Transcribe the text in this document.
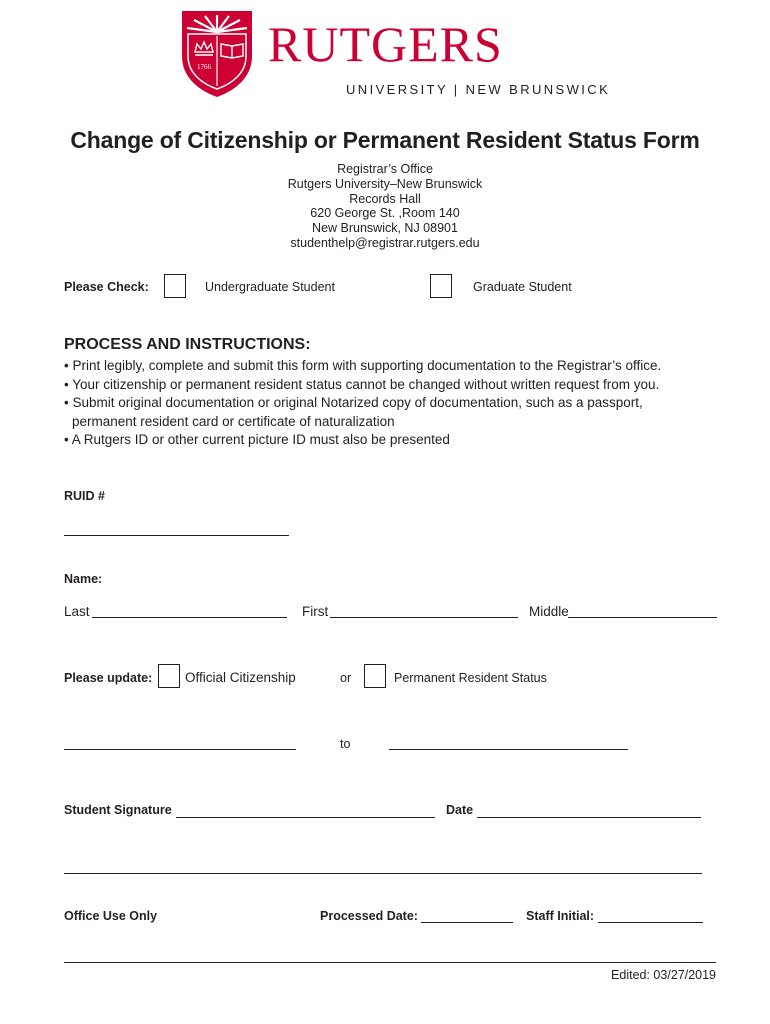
1766 RUTGERS
UNIVERSITY | NEW BRUNSWICK
Change of Citizenship or Permanent Resident Status Form
Registrar’s Office
Rutgers University–New Brunswick
Records Hall
620 George St. ,Room 140
New Brunswick, NJ 08901
studenthelp@registrar.rutgers.edu
Please Check:	Undergraduate Student	Graduate Student
PROCESS AND INSTRUCTIONS:
• Print legibly, complete and submit this form with supporting documentation to the Registrar’s office.
• Your citizenship or permanent resident status cannot be changed without written request from you.
• Submit original documentation or original Notarized copy of documentation, such as a passport,
permanent resident card or certificate of naturalization
• A Rutgers ID or other current picture ID must also be presented
RUID #
Name:
Last	First	Middle
Please update: Official Citizenship	or	Permanent Resident Status
to
Student Signature	Date
Office Use Only	Processed Date:	Staff Initial:
Edited: 03/27/2019
